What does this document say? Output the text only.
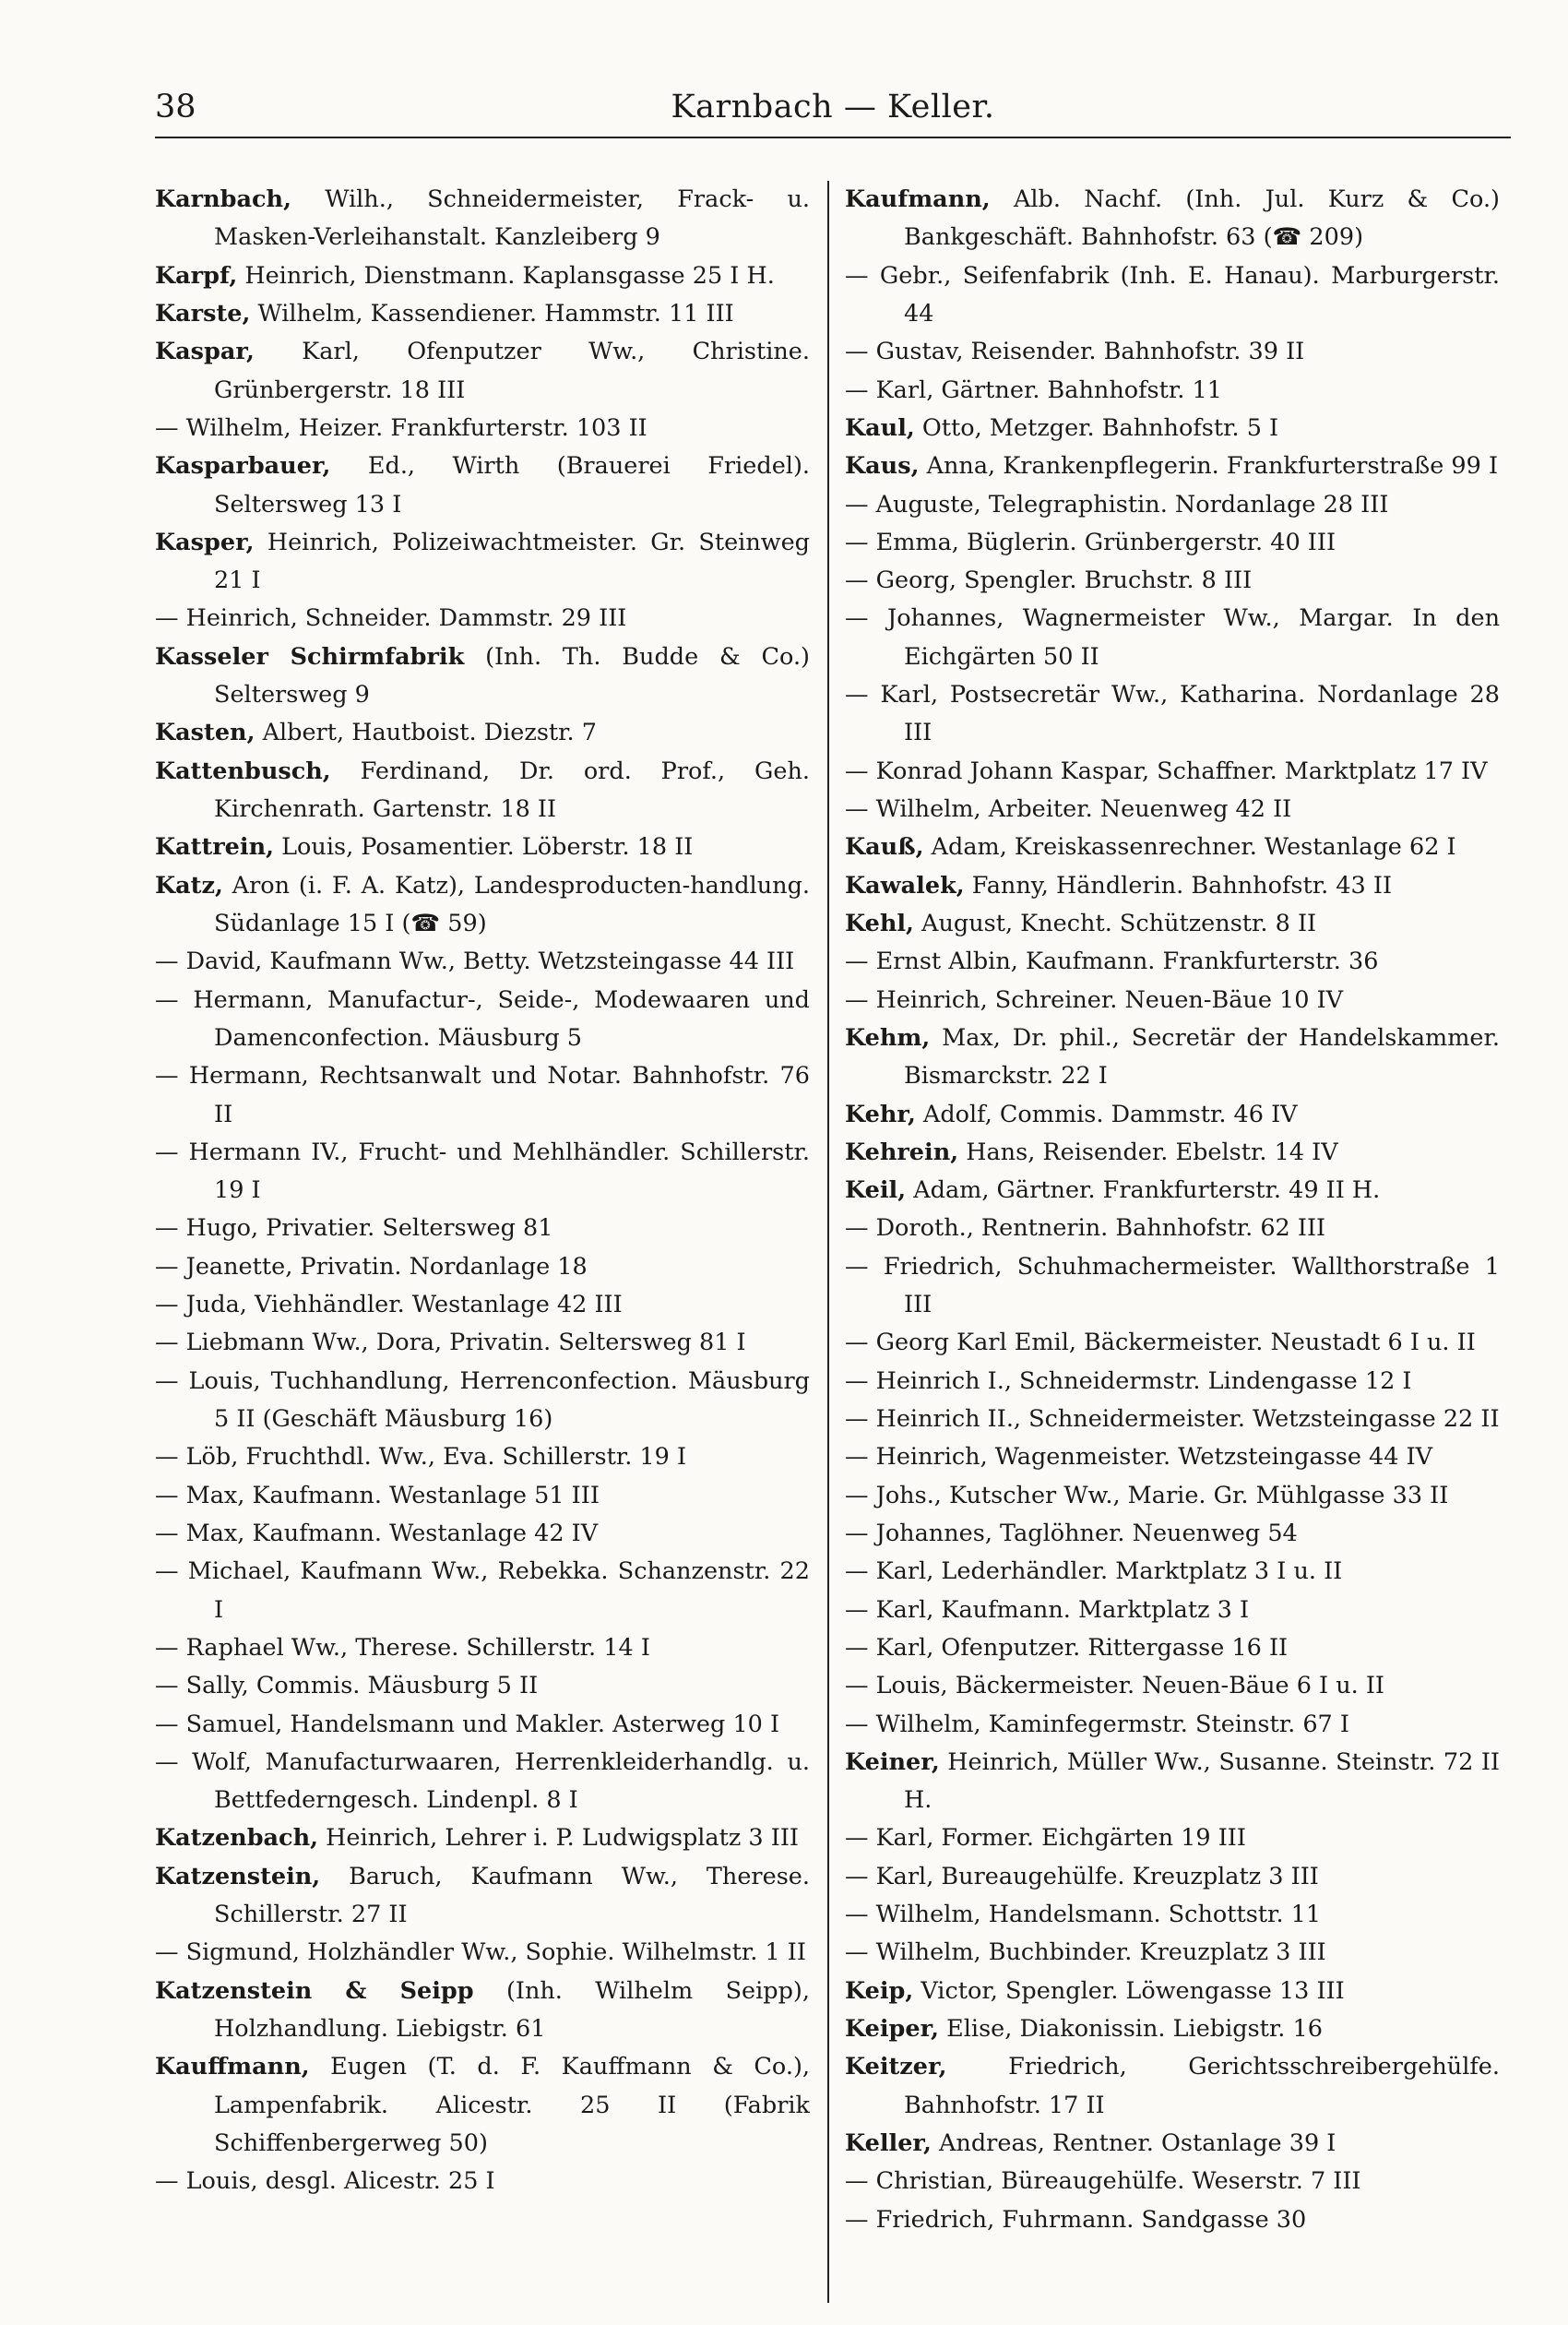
38	Karnbach — Keller.

Karnbach, Wilh., Schneidermeister, Frack- u. Masken-Verleihanstalt. Kanzleiberg 9

Karpf, Heinrich, Dienstmann. Kaplansgasse 25 I H.

Karste, Wilhelm, Kassendiener. Hammstr. 11 III

Kaspar, Karl, Ofenputzer Ww., Christine. Grünbergerstr. 18 III

— Wilhelm, Heizer. Frankfurterstr. 103 II

Kasparbauer, Ed., Wirth (Brauerei Friedel). Seltersweg 13 I

Kasper, Heinrich, Polizeiwachtmeister. Gr. Steinweg 21 I

— Heinrich, Schneider. Dammstr. 29 III

Kasseler Schirmfabrik (Inh. Th. Budde & Co.) Seltersweg 9

Kasten, Albert, Hautboist. Diezstr. 7

Kattenbusch, Ferdinand, Dr. ord. Prof., Geh. Kirchenrath. Gartenstr. 18 II

Kattrein, Louis, Posamentier. Löberstr. 18 II

Katz, Aron (i. F. A. Katz), Landesproducten-handlung. Südanlage 15 I (☎ 59)

— David, Kaufmann Ww., Betty. Wetzsteingasse 44 III

— Hermann, Manufactur-, Seide-, Modewaaren und Damenconfection. Mäusburg 5

— Hermann, Rechtsanwalt und Notar. Bahnhofstr. 76 II

— Hermann IV., Frucht- und Mehlhändler. Schillerstr. 19 I

— Hugo, Privatier. Seltersweg 81

— Jeanette, Privatin. Nordanlage 18

— Juda, Viehhändler. Westanlage 42 III

— Liebmann Ww., Dora, Privatin. Seltersweg 81 I

— Louis, Tuchhandlung, Herrenconfection. Mäusburg 5 II (Geschäft Mäusburg 16)

— Löb, Fruchthdl. Ww., Eva. Schillerstr. 19 I

— Max, Kaufmann. Westanlage 51 III

— Max, Kaufmann. Westanlage 42 IV

— Michael, Kaufmann Ww., Rebekka. Schanzenstr. 22 I

— Raphael Ww., Therese. Schillerstr. 14 I

— Sally, Commis. Mäusburg 5 II

— Samuel, Handelsmann und Makler. Asterweg 10 I

— Wolf, Manufacturwaaren, Herrenkleiderhandlg. u. Bettfederngesch. Lindenpl. 8 I

Katzenbach, Heinrich, Lehrer i. P. Ludwigsplatz 3 III

Katzenstein, Baruch, Kaufmann Ww., Therese. Schillerstr. 27 II

— Sigmund, Holzhändler Ww., Sophie. Wilhelmstr. 1 II

Katzenstein & Seipp (Inh. Wilhelm Seipp), Holzhandlung. Liebigstr. 61

Kauffmann, Eugen (T. d. F. Kauffmann & Co.), Lampenfabrik. Alicestr. 25 II (Fabrik Schiffenbergerweg 50)

— Louis, desgl. Alicestr. 25 I

Kaufmann, Alb. Nachf. (Inh. Jul. Kurz & Co.) Bankgeschäft. Bahnhofstr. 63 (☎ 209)

— Gebr., Seifenfabrik (Inh. E. Hanau). Marburgerstr. 44

— Gustav, Reisender. Bahnhofstr. 39 II

— Karl, Gärtner. Bahnhofstr. 11

Kaul, Otto, Metzger. Bahnhofstr. 5 I

Kaus, Anna, Krankenpflegerin. Frankfurterstraße 99 I

— Auguste, Telegraphistin. Nordanlage 28 III

— Emma, Büglerin. Grünbergerstr. 40 III

— Georg, Spengler. Bruchstr. 8 III

— Johannes, Wagnermeister Ww., Margar. In den Eichgärten 50 II

— Karl, Postsecretär Ww., Katharina. Nordanlage 28 III

— Konrad Johann Kaspar, Schaffner. Marktplatz 17 IV

— Wilhelm, Arbeiter. Neuenweg 42 II

Kauß, Adam, Kreiskassenrechner. Westanlage 62 I

Kawalek, Fanny, Händlerin. Bahnhofstr. 43 II

Kehl, August, Knecht. Schützenstr. 8 II

— Ernst Albin, Kaufmann. Frankfurterstr. 36

— Heinrich, Schreiner. Neuen-Bäue 10 IV

Kehm, Max, Dr. phil., Secretär der Handelskammer. Bismarckstr. 22 I

Kehr, Adolf, Commis. Dammstr. 46 IV

Kehrein, Hans, Reisender. Ebelstr. 14 IV

Keil, Adam, Gärtner. Frankfurterstr. 49 II H.

— Doroth., Rentnerin. Bahnhofstr. 62 III

— Friedrich, Schuhmachermeister. Wallthorstraße 1 III

— Georg Karl Emil, Bäckermeister. Neustadt 6 I u. II

— Heinrich I., Schneidermstr. Lindengasse 12 I

— Heinrich II., Schneidermeister. Wetzsteingasse 22 II

— Heinrich, Wagenmeister. Wetzsteingasse 44 IV

— Johs., Kutscher Ww., Marie. Gr. Mühlgasse 33 II

— Johannes, Taglöhner. Neuenweg 54

— Karl, Lederhändler. Marktplatz 3 I u. II

— Karl, Kaufmann. Marktplatz 3 I

— Karl, Ofenputzer. Rittergasse 16 II

— Louis, Bäckermeister. Neuen-Bäue 6 I u. II

— Wilhelm, Kaminfegermstr. Steinstr. 67 I

Keiner, Heinrich, Müller Ww., Susanne. Steinstr. 72 II H.

— Karl, Former. Eichgärten 19 III

— Karl, Bureaugehülfe. Kreuzplatz 3 III

— Wilhelm, Handelsmann. Schottstr. 11

— Wilhelm, Buchbinder. Kreuzplatz 3 III

Keip, Victor, Spengler. Löwengasse 13 III

Keiper, Elise, Diakonissin. Liebigstr. 16

Keitzer, Friedrich, Gerichtsschreibergehülfe. Bahnhofstr. 17 II

Keller, Andreas, Rentner. Ostanlage 39 I

— Christian, Büreaugehülfe. Weserstr. 7 III

— Friedrich, Fuhrmann. Sandgasse 30
